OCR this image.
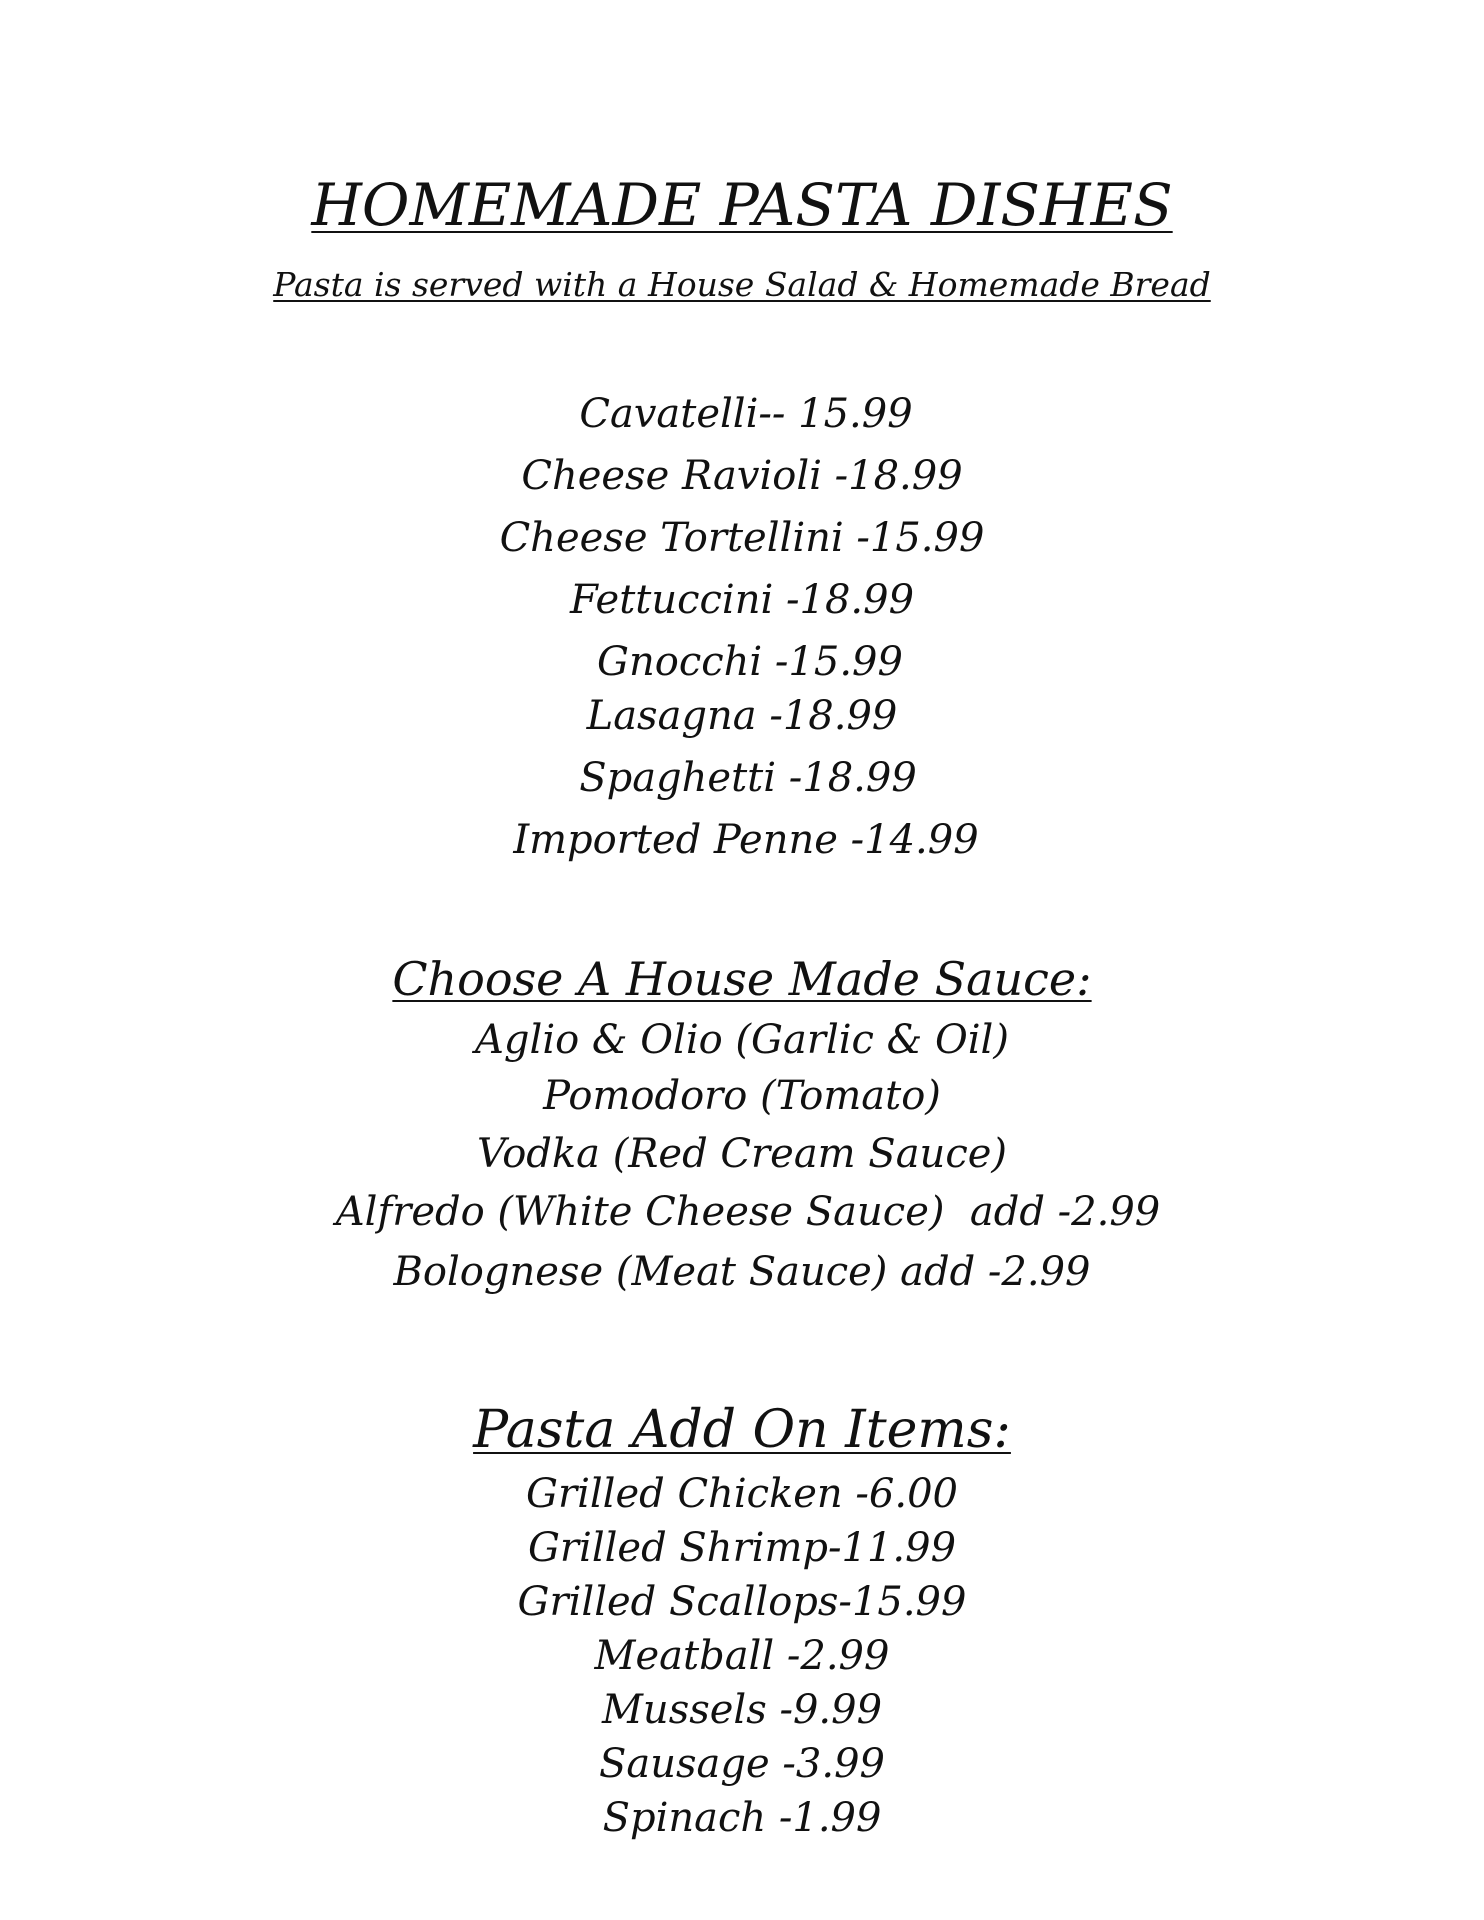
HOMEMADE PASTA DISHES
Pasta is served with a House Salad & Homemade Bread
Cavatelli-- 15.99
Cheese Ravioli -18.99
Cheese Tortellini -15.99
Fettuccini -18.99
Gnocchi -15.99
Lasagna -18.99
Spaghetti -18.99
Imported Penne -14.99
Choose A House Made Sauce:
Aglio & Olio (Garlic & Oil)
Pomodoro (Tomato)
Vodka (Red Cream Sauce)
Alfredo (White Cheese Sauce)  add -2.99
Bolognese (Meat Sauce) add -2.99
Pasta Add On Items:
Grilled Chicken -6.00
Grilled Shrimp-11.99
Grilled Scallops-15.99
Meatball -2.99
Mussels -9.99
Sausage -3.99
Spinach -1.99
